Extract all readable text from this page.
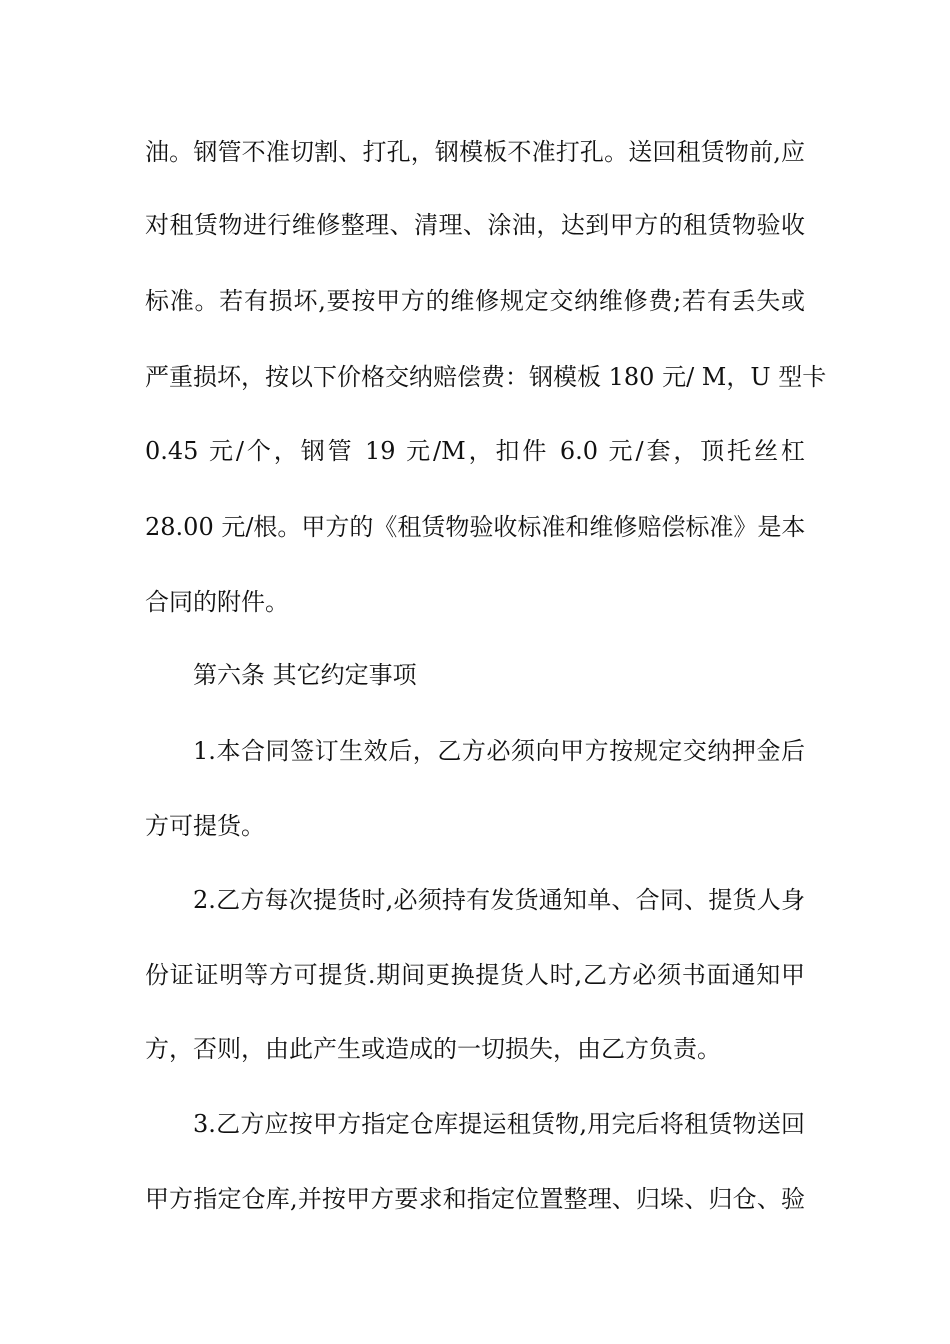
油。钢管不准切割、打孔，钢模板不准打孔。送回租赁物前,应
对租赁物进行维修整理、清理、涂油，达到甲方的租赁物验收
标准。若有损坏,要按甲方的维修规定交纳维修费;若有丢失或
严重损坏，按以下价格交纳赔偿费：钢模板 180 元/ M，U 型卡
0.45 元/个，钢管 19 元/M，扣件 6.0 元/套，顶托丝杠
28.00 元/根。甲方的《租赁物验收标准和维修赔偿标准》是本
合同的附件。
第六条 其它约定事项
1.本合同签订生效后，乙方必须向甲方按规定交纳押金后
方可提货。
2.乙方每次提货时,必须持有发货通知单、合同、提货人身
份证证明等方可提货.期间更换提货人时,乙方必须书面通知甲
方，否则，由此产生或造成的一切损失，由乙方负责。
3.乙方应按甲方指定仓库提运租赁物,用完后将租赁物送回
甲方指定仓库,并按甲方要求和指定位置整理、归垛、归仓、验
